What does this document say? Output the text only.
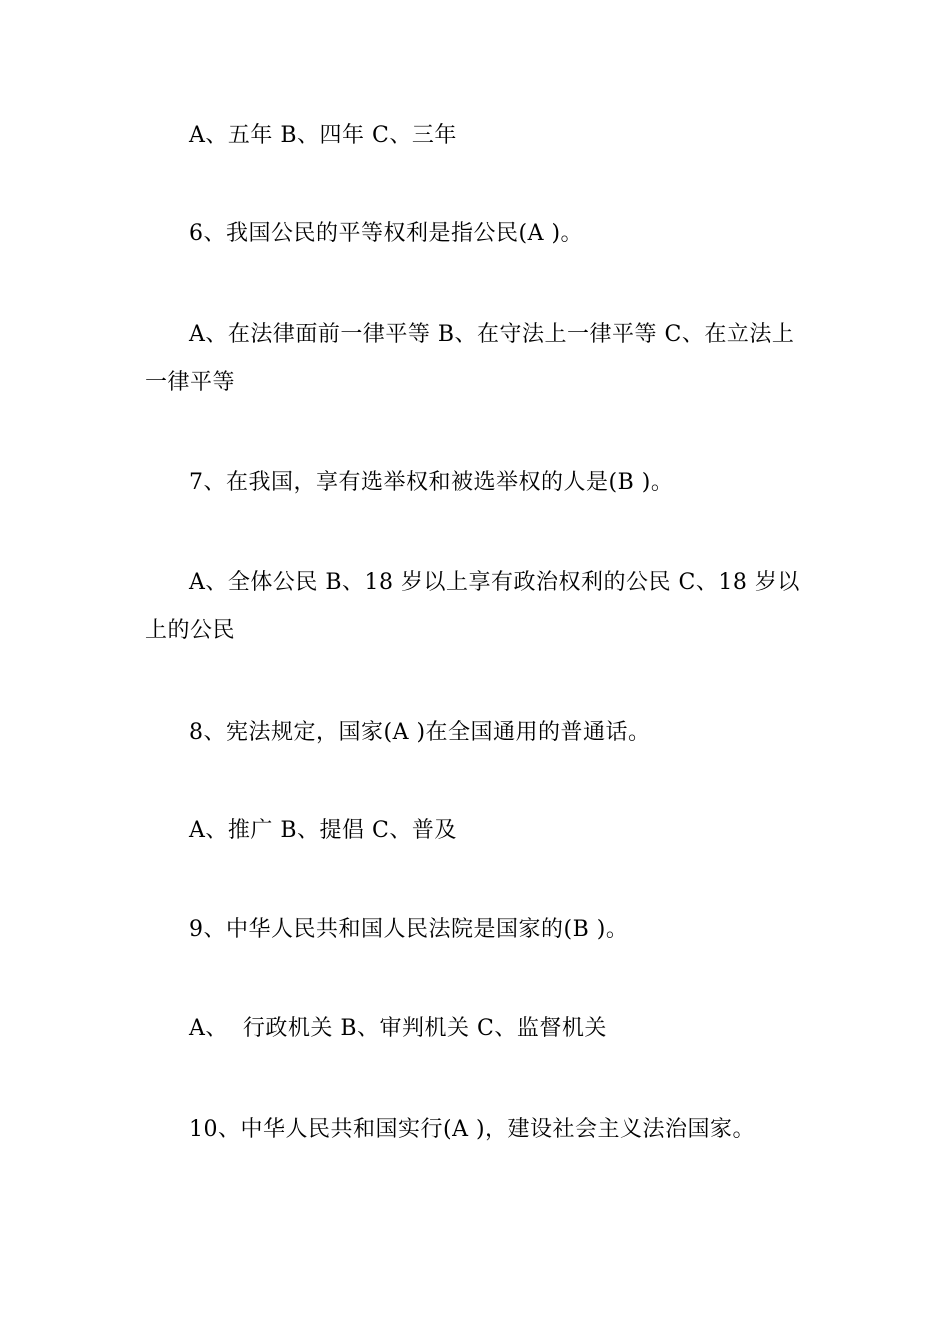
A、五年 B、四年 C、三年
6、我国公民的平等权利是指公民(A )。
A、在法律面前一律平等 B、在守法上一律平等 C、在立法上一律平等
7、在我国，享有选举权和被选举权的人是(B )。
A、全体公民 B、18 岁以上享有政治权利的公民 C、18 岁以上的公民
8、宪法规定，国家(A )在全国通用的普通话。
A、推广 B、提倡 C、普及
9、中华人民共和国人民法院是国家的(B )。
A、  行政机关 B、审判机关 C、监督机关
10、中华人民共和国实行(A )，建设社会主义法治国家。
